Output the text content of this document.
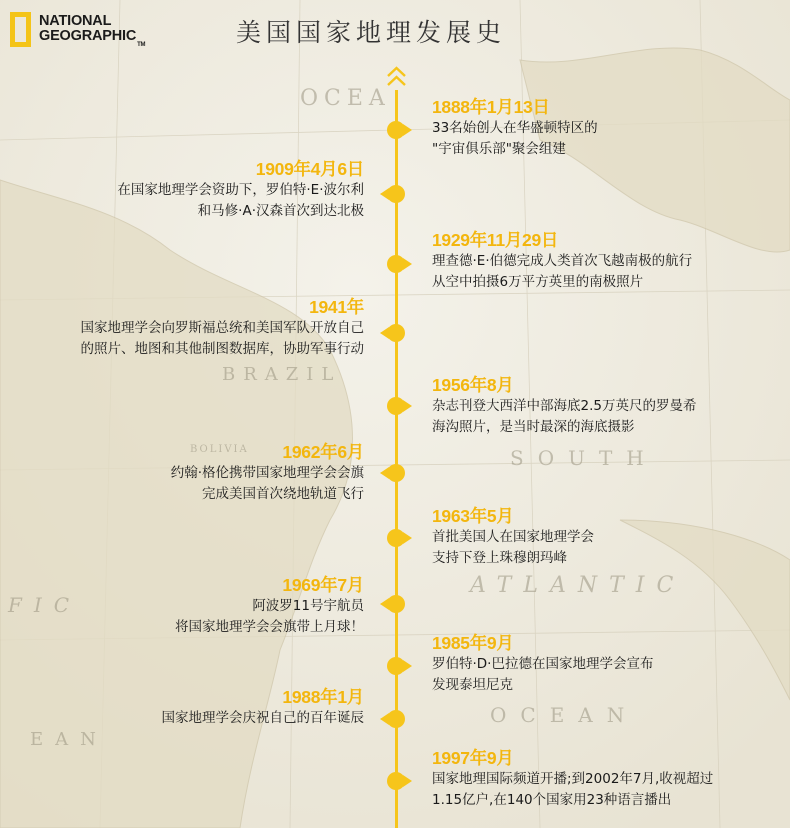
OCEA
BRAZIL
BOLIVIA	SOUTH
ATLANTIC
OCEAN
FIC
EAN
NATIONAL
GEOGRAPHIC™	美国国家地理发展史
1888年1月13日
33名始创人在华盛顿特区的
"宇宙俱乐部"聚会组建
1909年4月6日
在国家地理学会资助下，罗伯特·E·波尔利
和马修·A·汉森首次到达北极
1929年11月29日
理查德·E·伯德完成人类首次飞越南极的航行
从空中拍摄6万平方英里的南极照片
1941年
国家地理学会向罗斯福总统和美国军队开放自己
的照片、地图和其他制图数据库，协助军事行动
1956年8月
杂志刊登大西洋中部海底2.5万英尺的罗曼希
海沟照片，是当时最深的海底摄影
1962年6月
约翰·格伦携带国家地理学会会旗
完成美国首次绕地轨道飞行
1963年5月
首批美国人在国家地理学会
支持下登上珠穆朗玛峰
1969年7月
阿波罗11号宇航员
将国家地理学会会旗带上月球！
1985年9月
罗伯特·D·巴拉德在国家地理学会宣布
发现泰坦尼克
1988年1月
国家地理学会庆祝自己的百年诞辰
1997年9月
国家地理国际频道开播;到2002年7月,收视超过
1.15亿户,在140个国家用23种语言播出
